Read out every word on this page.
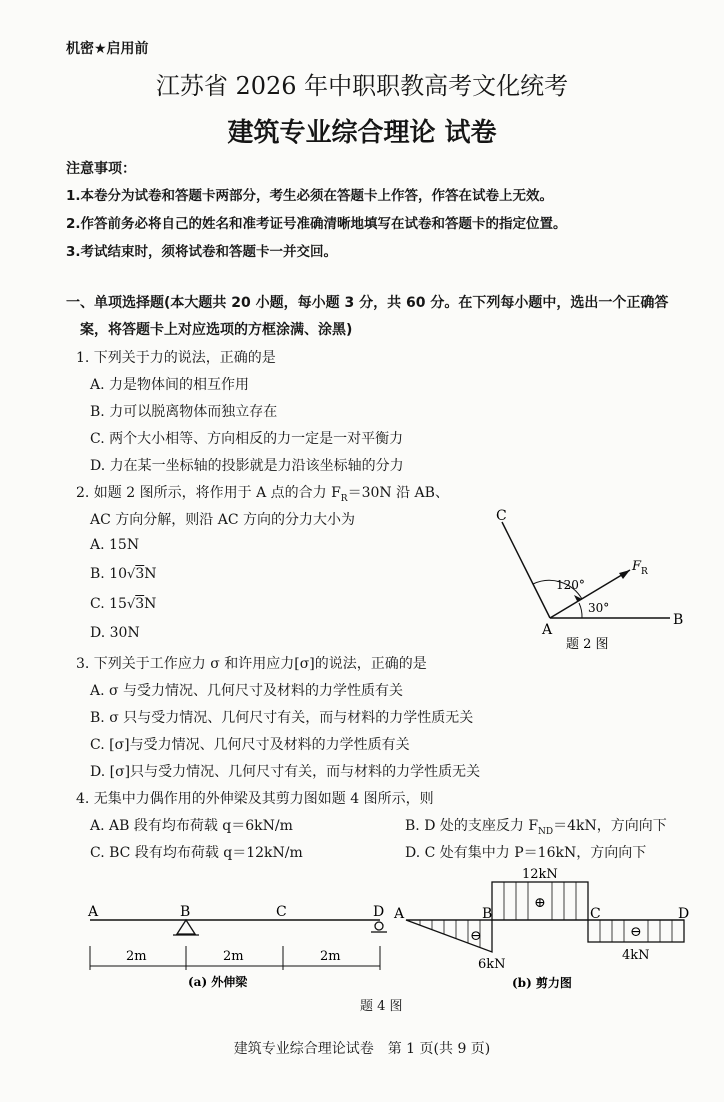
机密★启用前
江苏省 2026 年中职职教高考文化统考
建筑专业综合理论 试卷
注意事项：
1.本卷分为试卷和答题卡两部分，考生必须在答题卡上作答，作答在试卷上无效。
2.作答前务必将自己的姓名和准考证号准确清晰地填写在试卷和答题卡的指定位置。
3.考试结束时，须将试卷和答题卡一并交回。
一、单项选择题(本大题共 20 小题，每小题 3 分，共 60 分。在下列每小题中，选出一个正确答
案，将答题卡上对应选项的方框涂满、涂黑)
1. 下列关于力的说法，正确的是
A. 力是物体间的相互作用
B. 力可以脱离物体而独立存在
C. 两个大小相等、方向相反的力一定是一对平衡力
D. 力在某一坐标轴的投影就是力沿该坐标轴的分力
2. 如题 2 图所示，将作用于 A 点的合力 $F_R=30N$ 沿 AB、
AC 方向分解，则沿 AC 方向的分力大小为
A. 15N
B. 10√3N
C. 15√3N
D. 30N
C
A
B
F R
120°
30°
题 2 图
3. 下列关于工作应力 σ 和许用应力[σ]的说法，正确的是
A. σ 与受力情况、几何尺寸及材料的力学性质有关
B. σ 只与受力情况、几何尺寸有关，而与材料的力学性质无关
C. [σ]与受力情况、几何尺寸及材料的力学性质有关
D. [σ]只与受力情况、几何尺寸有关，而与材料的力学性质无关
4. 无集中力偶作用的外伸梁及其剪力图如题 4 图所示，则
A. AB 段有均布荷载 q＝6kN/m	B. D 处的支座反力 $F_{ND}=4kN$，方向向下
C. BC 段有均布荷载 q＝12kN/m	D. C 处有集中力 P＝16kN，方向向下
A	B	C	D
2m	2m	2m
(a) 外伸梁
A	B	C	D
12kN
6kN
4kN
⊖
⊕
⊖
(b) 剪力图
题 4 图
建筑专业综合理论试卷　第 1 页(共 9 页)
